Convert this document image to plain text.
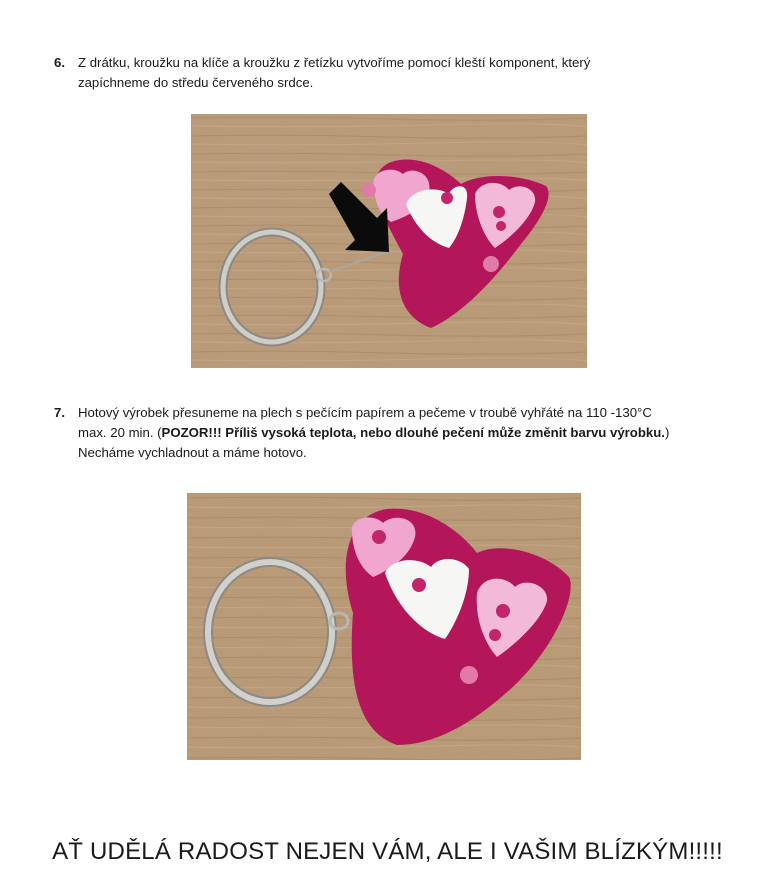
6. Z drátku, kroužku na klíče a kroužku z řetízku vytvoříme pomocí kleští komponent, který
zapíchneme do středu červeného srdce.
7. Hotový výrobek přesuneme na plech s pečícím papírem a pečeme v troubě vyhřáté na 110 -130°C
max. 20 min. (POZOR!!! Příliš vysoká teplota, nebo dlouhé pečení může změnit barvu výrobku.)
Necháme vychladnout a máme hotovo.
AŤ UDĚLÁ RADOST NEJEN VÁM, ALE I VAŠIM BLÍZKÝM!!!!!
